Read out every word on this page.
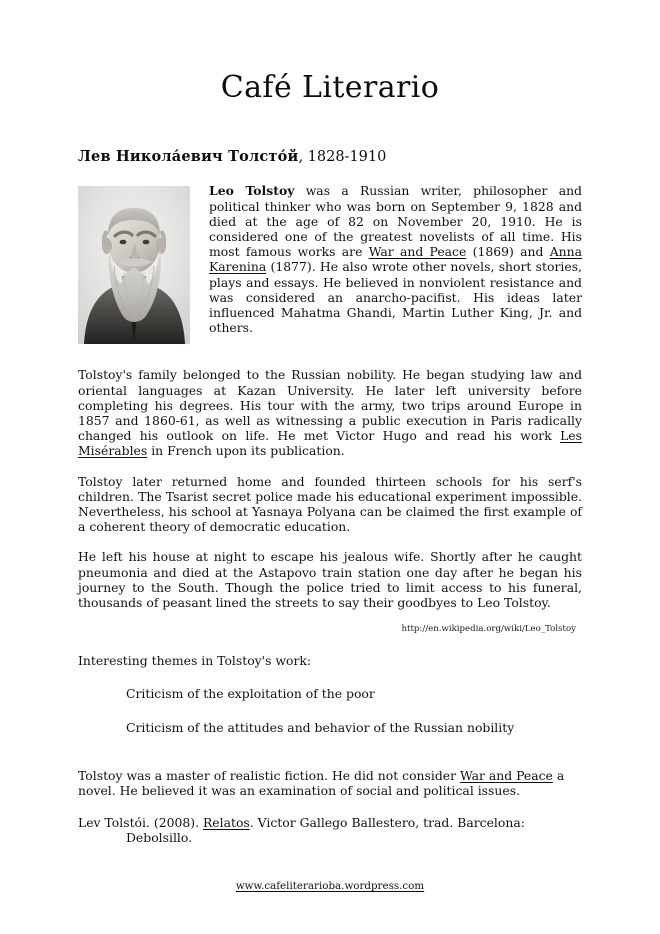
Café Literario

Лев Никола́евич Толсто́й, 1828-1910

Leo Tolstoy was a Russian writer, philosopher and political thinker who was born on September 9, 1828 and died at the age of 82 on November 20, 1910. He is considered one of the greatest novelists of all time. His most famous works are War and Peace (1869) and Anna Karenina (1877). He also wrote other novels, short stories, plays and essays. He believed in nonviolent resistance and was considered an anarcho-pacifist. His ideas later influenced Mahatma Ghandi, Martin Luther King, Jr. and others.

Tolstoy's family belonged to the Russian nobility. He began studying law and oriental languages at Kazan University. He later left university before completing his degrees. His tour with the army, two trips around Europe in 1857 and 1860-61, as well as witnessing a public execution in Paris radically changed his outlook on life. He met Victor Hugo and read his work Les Misérables in French upon its publication.

Tolstoy later returned home and founded thirteen schools for his serf's children. The Tsarist secret police made his educational experiment impossible. Nevertheless, his school at Yasnaya Polyana can be claimed the first example of a coherent theory of democratic education.

He left his house at night to escape his jealous wife. Shortly after he caught pneumonia and died at the Astapovo train station one day after he began his journey to the South. Though the police tried to limit access to his funeral, thousands of peasant lined the streets to say their goodbyes to Leo Tolstoy.

http://en.wikipedia.org/wiki/Leo_Tolstoy

Interesting themes in Tolstoy's work:

Criticism of the exploitation of the poor
Criticism of the attitudes and behavior of the Russian nobility

Tolstoy was a master of realistic fiction. He did not consider War and Peace a novel. He believed it was an examination of social and political issues.

Lev Tolstói. (2008). Relatos. Victor Gallego Ballestero, trad. Barcelona:
Debolsillo.

www.cafeliterarioba.wordpress.com
